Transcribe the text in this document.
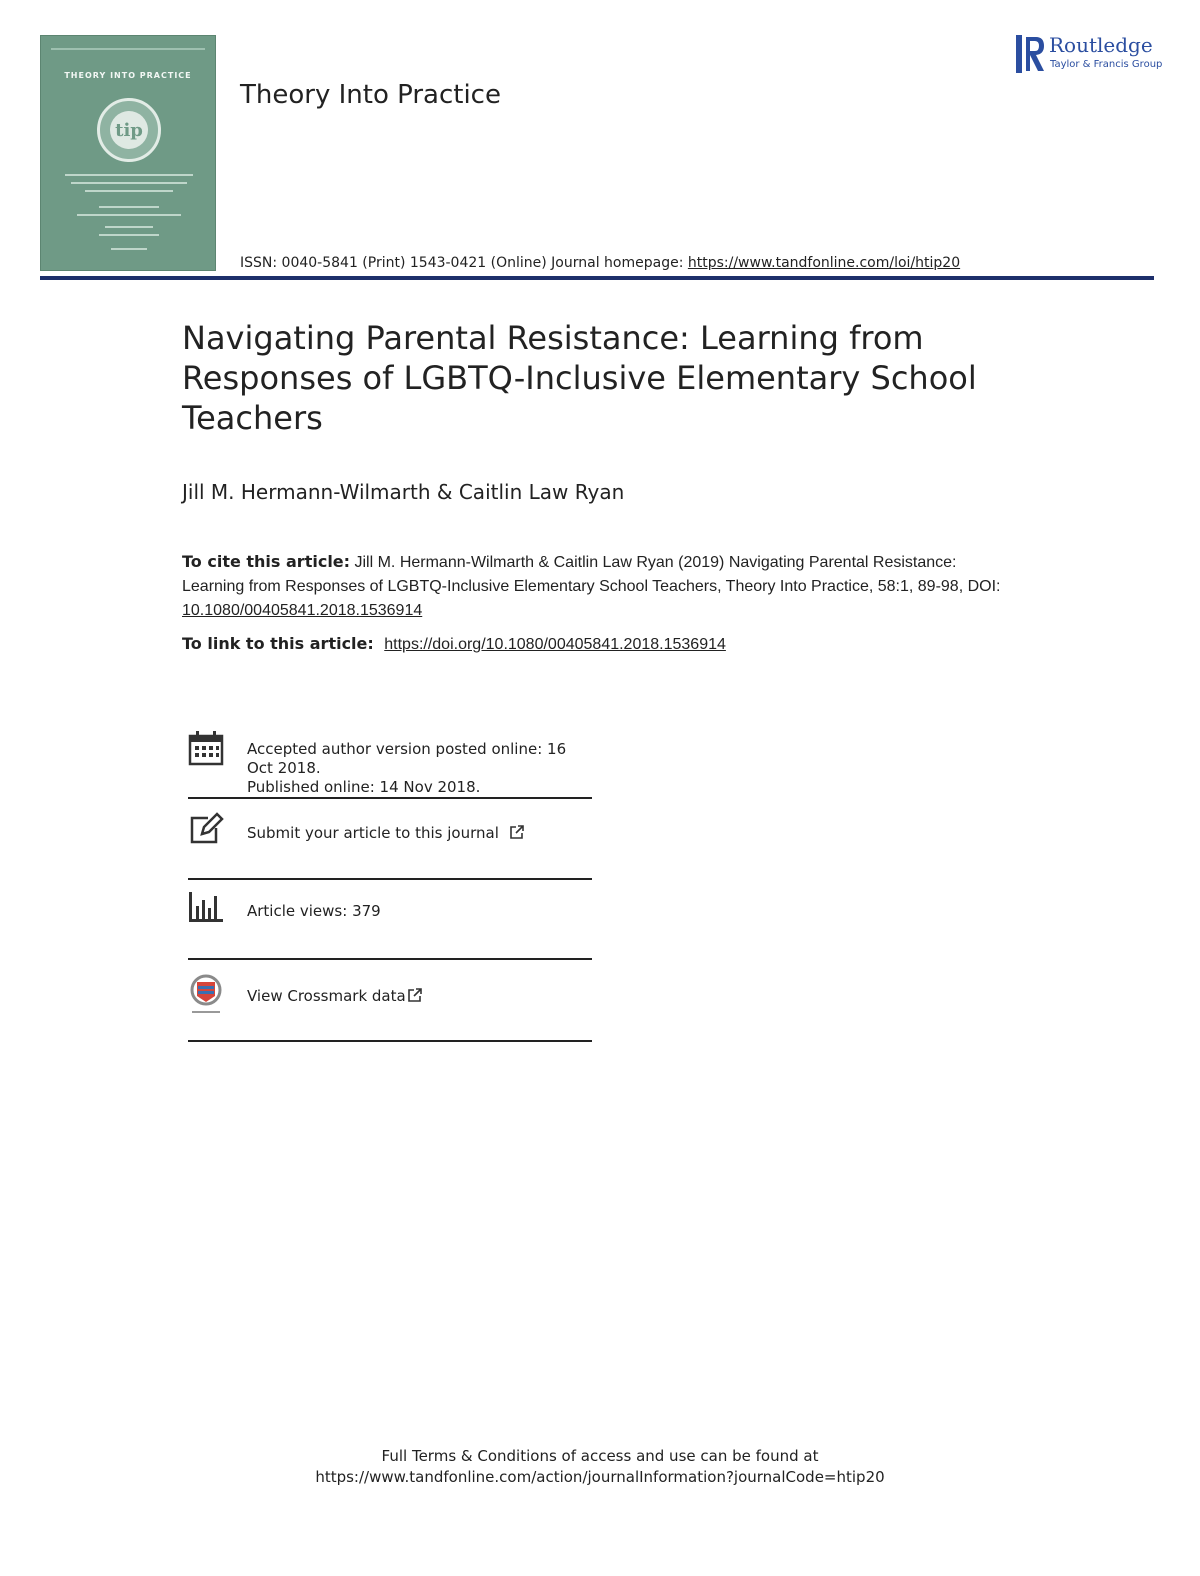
THEORY INTO PRACTICE
tip
Theory Into Practice
Routledge
Taylor & Francis Group
ISSN: 0040-5841 (Print) 1543-0421 (Online) Journal homepage: https://www.tandfonline.com/loi/htip20
Navigating Parental Resistance: Learning from Responses of LGBTQ-Inclusive Elementary School Teachers
Jill M. Hermann-Wilmarth & Caitlin Law Ryan
To cite this article: Jill M. Hermann-Wilmarth & Caitlin Law Ryan (2019) Navigating Parental Resistance: Learning from Responses of LGBTQ-Inclusive Elementary School Teachers, Theory Into Practice, 58:1, 89-98, DOI: 10.1080/00405841.2018.1536914
To link to this article: https://doi.org/10.1080/00405841.2018.1536914
Accepted author version posted online: 16 Oct 2018.
Published online: 14 Nov 2018.
Submit your article to this journal
Article views: 379
View Crossmark data
Full Terms & Conditions of access and use can be found at
https://www.tandfonline.com/action/journalInformation?journalCode=htip20
